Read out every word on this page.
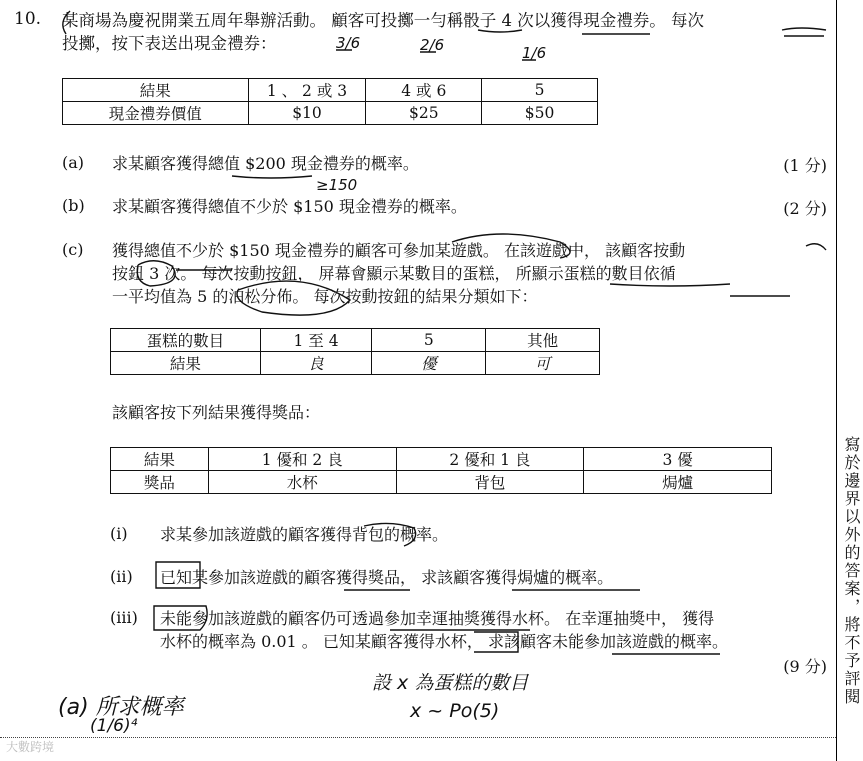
10. 某商場為慶祝開業五周年舉辦活動。 顧客可投擲一勻稱骰子 4 次以獲得現金禮券。 每次
投擲，按下表送出現金禮券：
結果	1 、 2 或 3	4 或 6	5
現金禮券價值	$10	$25	$50
(a) 求某顧客獲得總值 $200 現金禮券的概率。	(1 分)
(b) 求某顧客獲得總值不少於 $150 現金禮券的概率。	(2 分)
(c) 獲得總值不少於 $150 現金禮券的顧客可參加某遊戲。 在該遊戲中， 該顧客按動
按鈕 3 次。 每次按動按鈕， 屏幕會顯示某數目的蛋糕， 所顯示蛋糕的數目依循
一平均值為 5 的泊松分佈。 每次按動按鈕的結果分類如下：
蛋糕的數目	1 至 4	5	其他
結果	良	優	可
該顧客按下列結果獲得獎品：
結果	1 優和 2 良	2 優和 1 良	3 優
獎品	水杯	背包	焗爐
(i) 求某參加該遊戲的顧客獲得背包的概率。
(ii) 已知某參加該遊戲的顧客獲得獎品， 求該顧客獲得焗爐的概率。
(iii) 未能參加該遊戲的顧客仍可透過參加幸運抽獎獲得水杯。 在幸運抽獎中， 獲得
水杯的概率為 0.01 。 已知某顧客獲得水杯， 求該顧客未能參加該遊戲的概率。
(9 分) 寫於邊界以外的答案，將不予評閱
3/6	2/6	1/6
≥150
(a) 所求概率
(1/6)⁴
設 x 為蛋糕的數目
x ~ Po(5)
大數跨境
